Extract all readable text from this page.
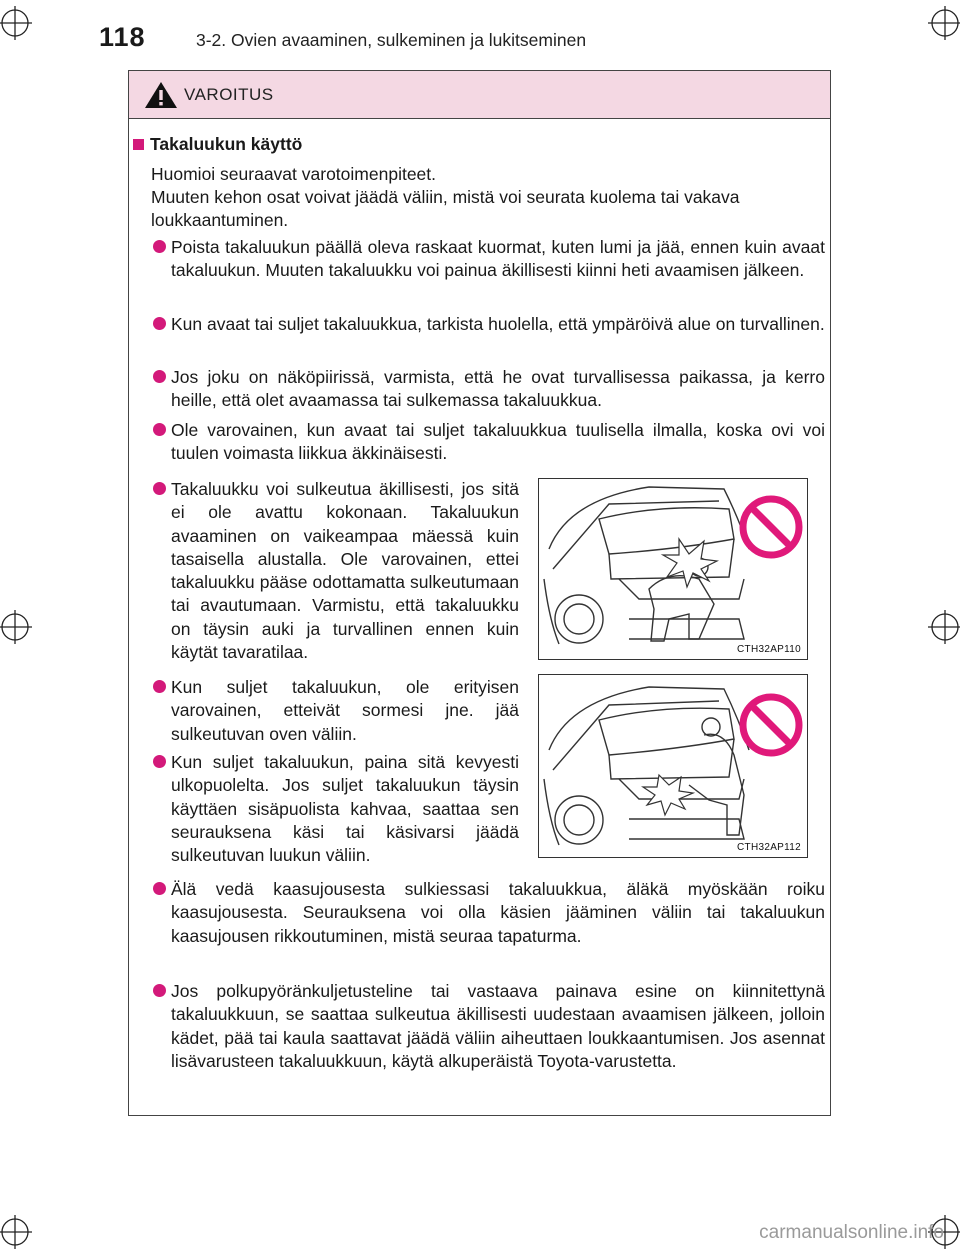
118	3-2. Ovien avaaminen, sulkeminen ja lukitseminen
VAROITUS
Takaluukun käyttö
Huomioi seuraavat varotoimenpiteet.
Muuten kehon osat voivat jäädä väliin, mistä voi seurata kuolema tai vakava
loukkaantuminen.
Poista takaluukun päällä oleva raskaat kuormat, kuten lumi ja jää, ennen kuin avaat takaluukun. Muuten takaluukku voi painua äkillisesti kiinni heti avaamisen jälkeen.
Kun avaat tai suljet takaluukkua, tarkista huolella, että ympäröivä alue on turvallinen.
Jos joku on näköpiirissä, varmista, että he ovat turvallisessa paikassa, ja kerro heille, että olet avaamassa tai sulkemassa takaluukkua.
Ole varovainen, kun avaat tai suljet takaluukkua tuulisella ilmalla, koska ovi voi tuulen voimasta liikkua äkkinäisesti.
Takaluukku voi sulkeutua äkillisesti, jos sitä ei ole avattu kokonaan. Takaluukun avaaminen on vaikeampaa mäessä kuin tasaisella alustalla. Ole varovainen, ettei takaluukku pääse odottamatta sulkeutumaan tai avautumaan. Varmistu, että takaluukku on täysin auki ja turvallinen ennen kuin käytät tavaratilaa.
Kun suljet takaluukun, ole erityisen varovainen, etteivät sormesi jne. jää sulkeutuvan oven väliin.
Kun suljet takaluukun, paina sitä kevyesti ulkopuolelta. Jos suljet takaluukun täysin käyttäen sisäpuolista kahvaa, saattaa sen seurauksena käsi tai käsivarsi jäädä sulkeutuvan luukun väliin.
CTH32AP110
CTH32AP112
Älä vedä kaasujousesta sulkiessasi takaluukkua, äläkä myöskään roiku kaasujousesta. Seurauksena voi olla käsien jääminen väliin tai takaluukun kaasujousen rikkoutuminen, mistä seuraa tapaturma.
Jos polkupyöränkuljetusteline tai vastaava painava esine on kiinnitettynä takaluukkuun, se saattaa sulkeutua äkillisesti uudestaan avaamisen jälkeen, jolloin kädet, pää tai kaula saattavat jäädä väliin aiheuttaen loukkaantumisen. Jos asennat lisävarusteen takaluukkuun, käytä alkuperäistä Toyota-varustetta.
carmanualsonline.info
